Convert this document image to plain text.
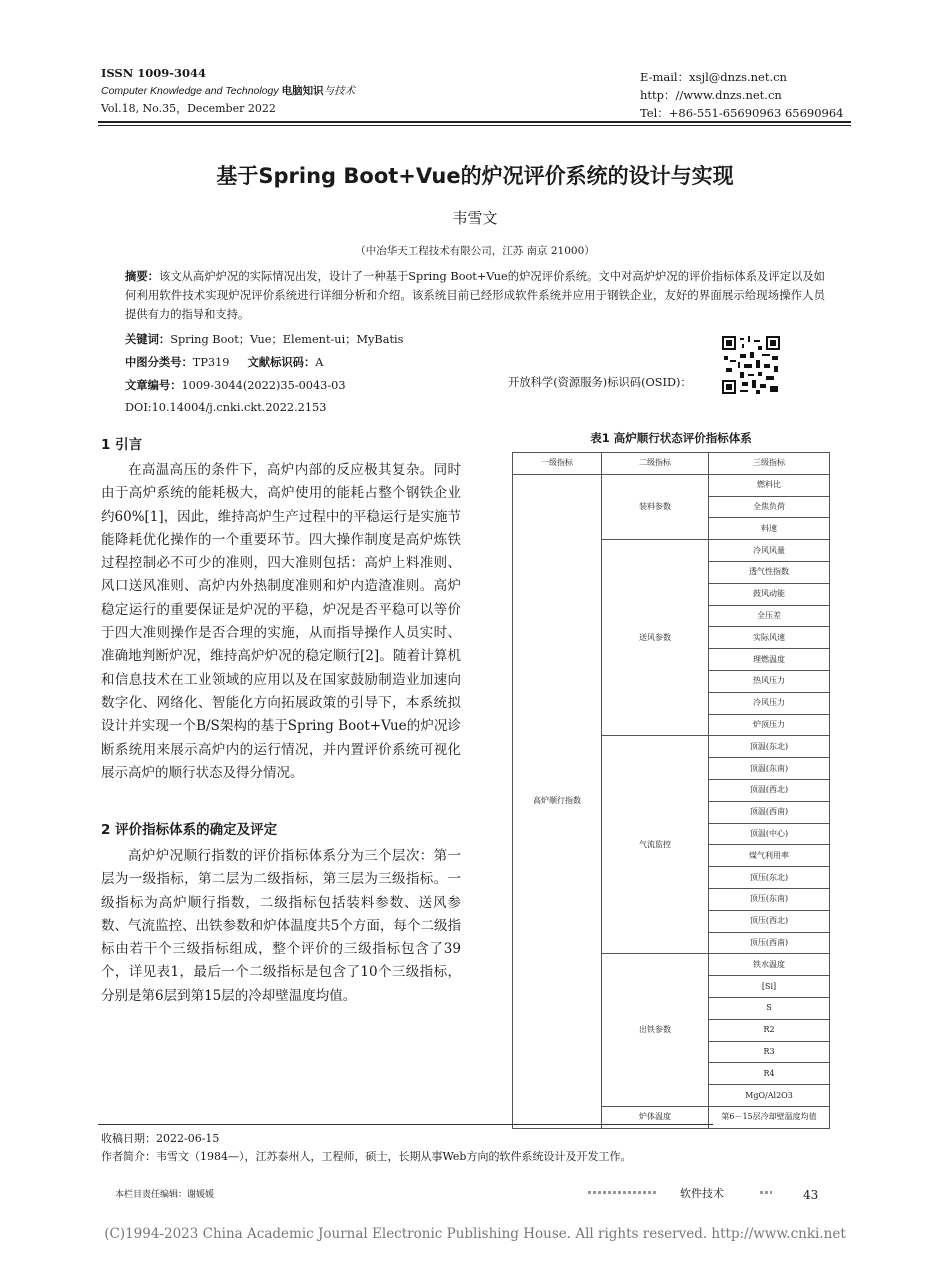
ISSN 1009-3044
Computer Knowledge and Technology 电脑知识与技术
Vol.18, No.35，December 2022
E-mail：xsjl@dnzs.net.cn
http：//www.dnzs.net.cn
Tel：+86-551-65690963 65690964
基于Spring Boot+Vue的炉况评价系统的设计与实现
韦雪文
（中冶华天工程技术有限公司，江苏 南京 21000）
摘要：该文从高炉炉况的实际情况出发，设计了一种基于Spring Boot+Vue的炉况评价系统。文中对高炉炉况的评价指标体系及评定以及如何利用软件技术实现炉况评价系统进行详细分析和介绍。该系统目前已经形成软件系统并应用于钢铁企业，友好的界面展示给现场操作人员提供有力的指导和支持。
关键词：Spring Boot；Vue；Element-ui；MyBatis
中图分类号：TP319 文献标识码：A
文章编号：1009-3044(2022)35-0043-03
DOI:10.14004/j.cnki.ckt.2022.2153
开放科学(资源服务)标识码(OSID)：
1 引言
在高温高压的条件下，高炉内部的反应极其复杂。同时由于高炉系统的能耗极大，高炉使用的能耗占整个钢铁企业约60%[1]，因此，维持高炉生产过程中的平稳运行是实施节能降耗优化操作的一个重要环节。四大操作制度是高炉炼铁过程控制必不可少的准则，四大准则包括：高炉上料准则、风口送风准则、高炉内外热制度准则和炉内造渣准则。高炉稳定运行的重要保证是炉况的平稳，炉况是否平稳可以等价于四大准则操作是否合理的实施，从而指导操作人员实时、准确地判断炉况，维持高炉炉况的稳定顺行[2]。随着计算机和信息技术在工业领域的应用以及在国家鼓励制造业加速向数字化、网络化、智能化方向拓展政策的引导下，本系统拟设计并实现一个B/S架构的基于Spring Boot+Vue的炉况诊断系统用来展示高炉内的运行情况，并内置评价系统可视化展示高炉的顺行状态及得分情况。
2 评价指标体系的确定及评定
高炉炉况顺行指数的评价指标体系分为三个层次：第一层为一级指标，第二层为二级指标，第三层为三级指标。一级指标为高炉顺行指数，二级指标包括装料参数、送风参数、气流监控、出铁参数和炉体温度共5个方面，每个二级指标由若干个三级指标组成，整个评价的三级指标包含了39个，详见表1，最后一个二级指标是包含了10个三级指标，分别是第6层到第15层的冷却壁温度均值。
表1 高炉顺行状态评价指标体系
一级指标	二级指标	三级指标
高炉顺行指数	装料参数	燃料比
		全焦负荷
		料速
	送风参数	冷风风量
		透气性指数
		鼓风动能
		全压差
		实际风速
		理燃温度
		热风压力
		冷风压力
		炉顶压力
	气流监控	顶温(东北)
		顶温(东南)
		顶温(西北)
		顶温(西南)
		顶温(中心)
		煤气利用率
		顶压(东北)
		顶压(东南)
		顶压(西北)
		顶压(西南)
	出铁参数	铁水温度
		[Si]
		S
		R2
		R3
		R4
		MgO/Al2O3
	炉体温度	第6－15层冷却壁温度均值
收稿日期：2022-06-15
作者简介：韦雪文（1984—），江苏泰州人，工程师，硕士，长期从事Web方向的软件系统设计及开发工作。
本栏目责任编辑：谢媛媛	软件技术	43
(C)1994-2023 China Academic Journal Electronic Publishing House. All rights reserved. http://www.cnki.net
